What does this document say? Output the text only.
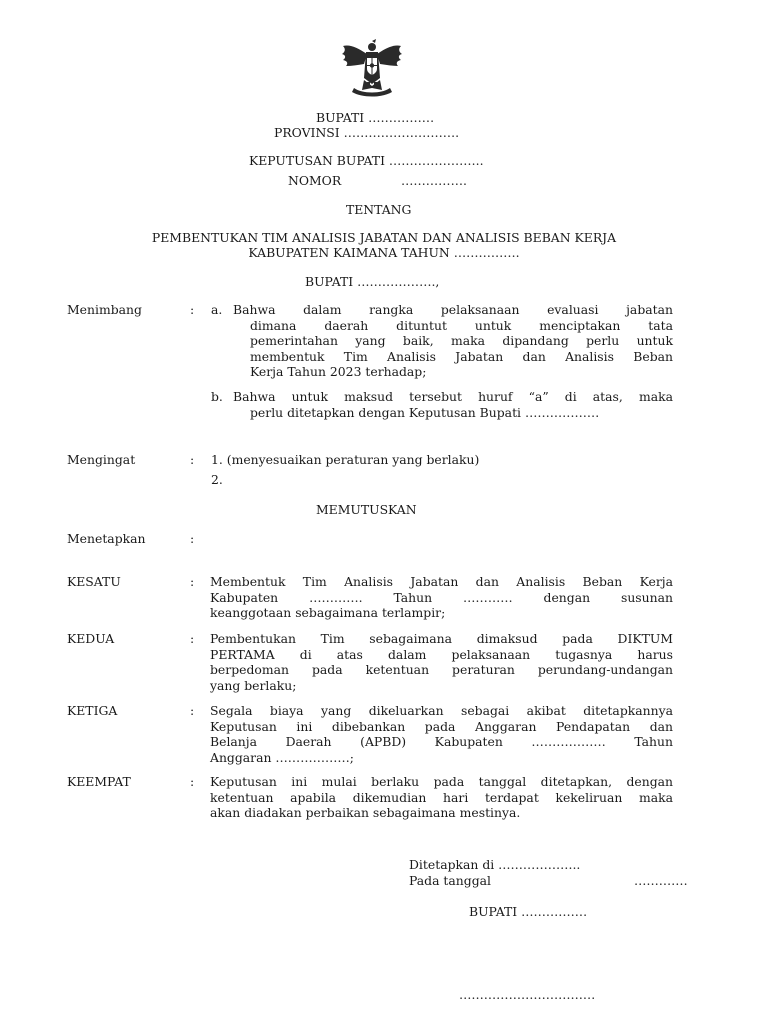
BUPATI …………….
PROVINSI ……………………….
KEPUTUSAN BUPATI …………………..
NOMOR	…………….
TENTANG
PEMBENTUKAN TIM ANALISIS JABATAN DAN ANALISIS BEBAN KERJA
KABUPATEN KAIMANA TAHUN …………….
BUPATI ……………….,
Menimbang	: a. Bahwa dalam rangka pelaksanaan evaluasi jabatan
dimana daerah dituntut untuk menciptakan tata
pemerintahan yang baik, maka dipandang perlu untuk
membentuk Tim Analisis Jabatan dan Analisis Beban
Kerja Tahun 2023 terhadap;
b. Bahwa untuk maksud tersebut huruf “a” di atas, maka
perlu ditetapkan dengan Keputusan Bupati ………………
Mengingat	: 1. (menyesuaikan peraturan yang berlaku)
2.
MEMUTUSKAN
Menetapkan	:
KESATU	: Membentuk Tim Analisis Jabatan dan Analisis Beban Kerja
Kabupaten …………. Tahun ………… dengan susunan
keanggotaan sebagaimana terlampir;
KEDUA	: Pembentukan Tim sebagaimana dimaksud pada DIKTUM
PERTAMA di atas dalam pelaksanaan tugasnya harus
berpedoman pada ketentuan peraturan perundang-undangan
yang berlaku;
KETIGA	: Segala biaya yang dikeluarkan sebagai akibat ditetapkannya
Keputusan ini dibebankan pada Anggaran Pendapatan dan
Belanja Daerah (APBD) Kabupaten ……………… Tahun
Anggaran ………………;
KEEMPAT	: Keputusan ini mulai berlaku pada tanggal ditetapkan, dengan
ketentuan apabila dikemudian hari terdapat kekeliruan maka
akan diadakan perbaikan sebagaimana mestinya.
Ditetapkan di ………………..
Pada tanggal	………….
BUPATI …………….
……………………………
